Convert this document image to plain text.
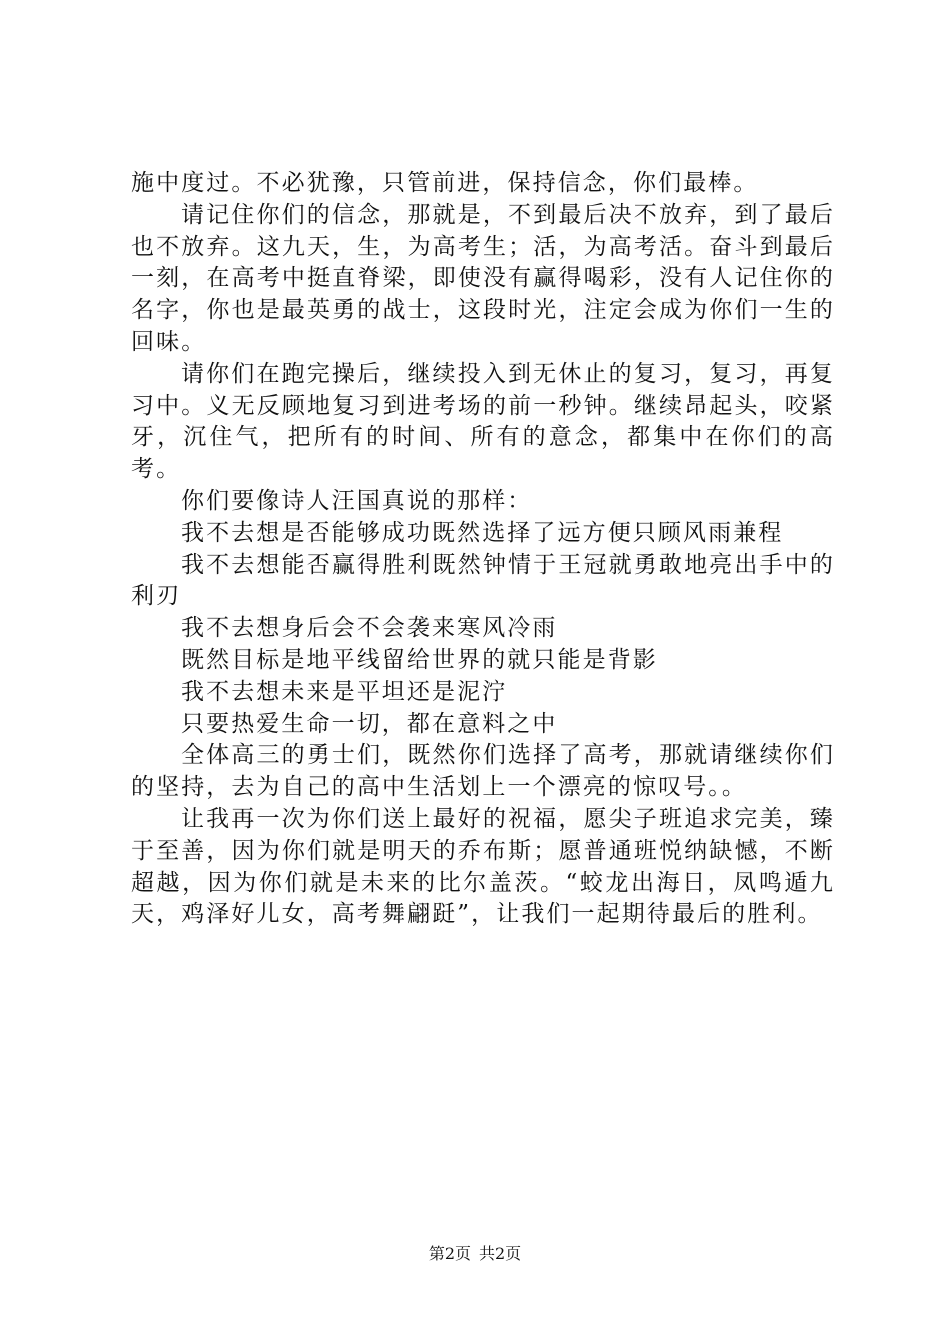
施中度过。不必犹豫，只管前进，保持信念，你们最棒。

请记住你们的信念，那就是，不到最后决不放弃，到了最后也不放弃。这九天，生，为高考生；活，为高考活。奋斗到最后一刻，在高考中挺直脊梁，即使没有赢得喝彩，没有人记住你的名字，你也是最英勇的战士，这段时光，注定会成为你们一生的回味。

请你们在跑完操后，继续投入到无休止的复习，复习，再复习中。义无反顾地复习到进考场的前一秒钟。继续昂起头，咬紧牙，沉住气，把所有的时间、所有的意念，都集中在你们的高考。

你们要像诗人汪国真说的那样：

我不去想是否能够成功既然选择了远方便只顾风雨兼程

我不去想能否赢得胜利既然钟情于王冠就勇敢地亮出手中的利刃

我不去想身后会不会袭来寒风冷雨

既然目标是地平线留给世界的就只能是背影

我不去想未来是平坦还是泥泞

只要热爱生命一切，都在意料之中

全体高三的勇士们，既然你们选择了高考，那就请继续你们的坚持，去为自己的高中生活划上一个漂亮的惊叹号。。

让我再一次为你们送上最好的祝福，愿尖子班追求完美，臻于至善，因为你们就是明天的乔布斯；愿普通班悦纳缺憾，不断超越，因为你们就是未来的比尔盖茨。“蛟龙出海日，凤鸣遁九天，鸡泽好儿女，高考舞翩跹”，让我们一起期待最后的胜利。

第2页 共2页
